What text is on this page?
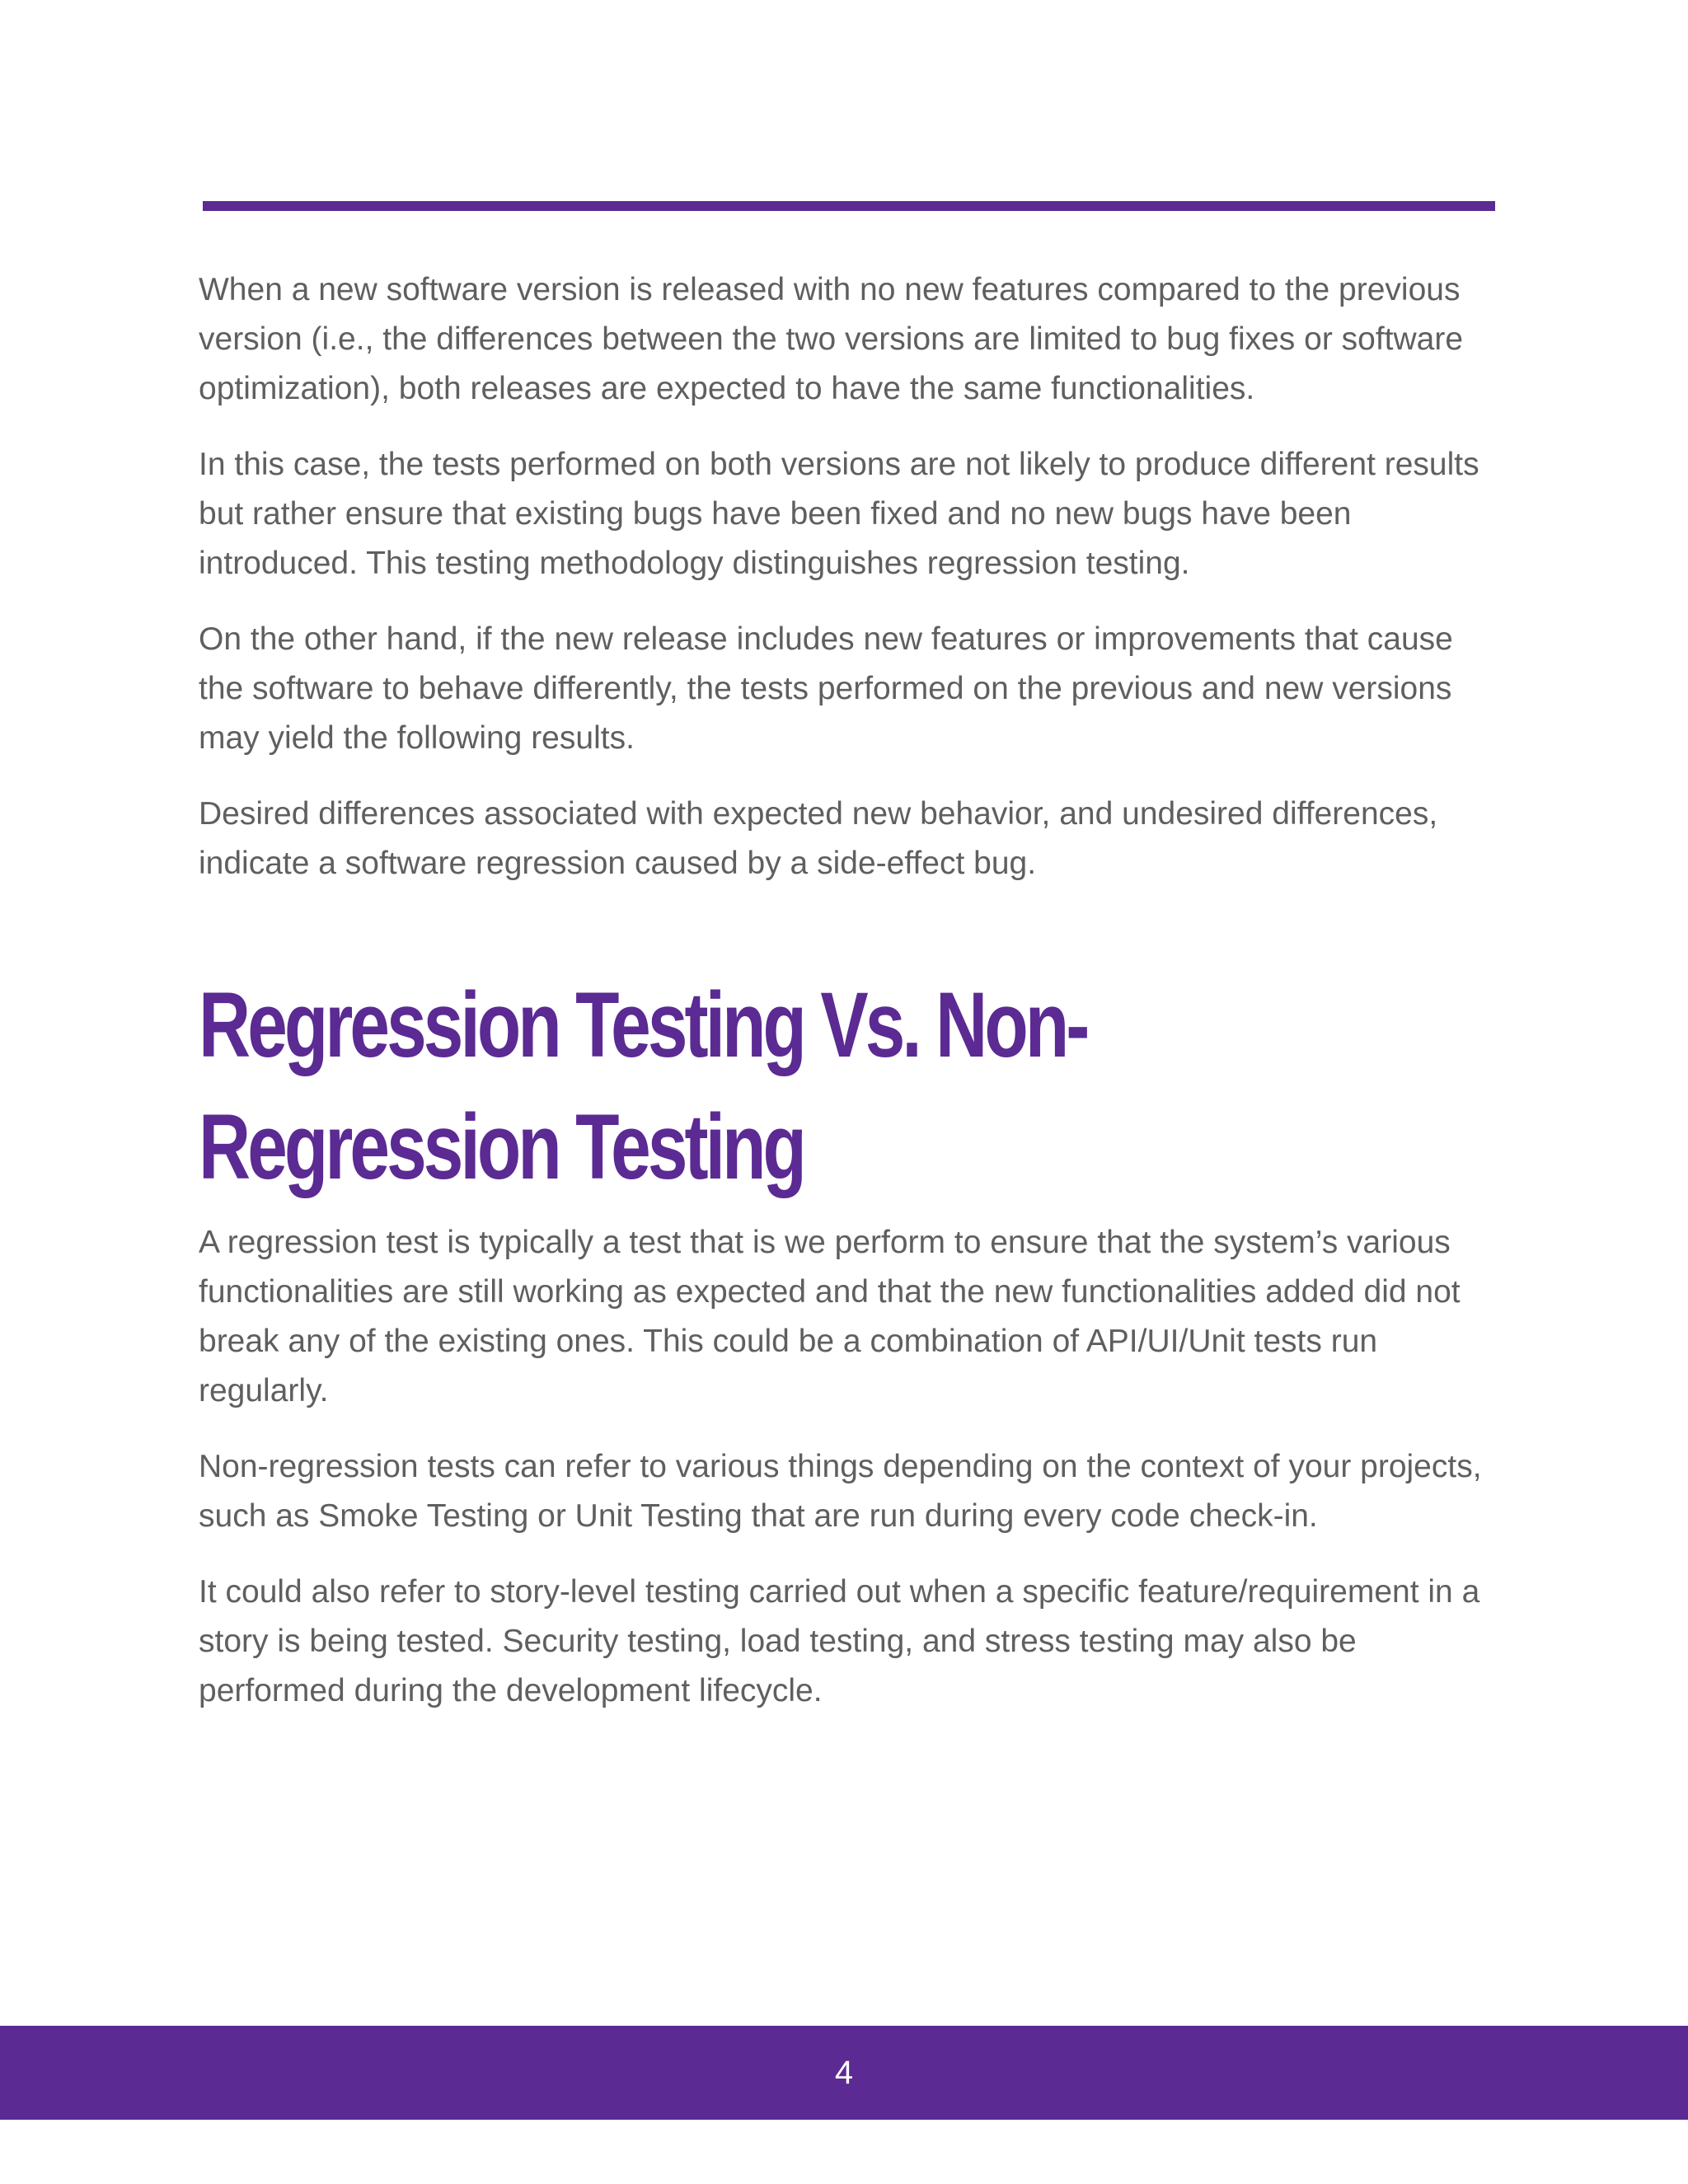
When a new software version is released with no new features compared to the previous version (i.e., the differences between the two versions are limited to bug fixes or software optimization), both releases are expected to have the same functionalities.

In this case, the tests performed on both versions are not likely to produce different results but rather ensure that existing bugs have been fixed and no new bugs have been introduced. This testing methodology distinguishes regression testing.

On the other hand, if the new release includes new features or improvements that cause the software to behave differently, the tests performed on the previous and new versions may yield the following results.

Desired differences associated with expected new behavior, and undesired differences, indicate a software regression caused by a side-effect bug.

Regression Testing Vs. Non-Regression Testing

A regression test is typically a test that is we perform to ensure that the system’s various functionalities are still working as expected and that the new functionalities added did not break any of the existing ones. This could be a combination of API/UI/Unit tests run regularly.

Non-regression tests can refer to various things depending on the context of your projects, such as Smoke Testing or Unit Testing that are run during every code check-in.

It could also refer to story-level testing carried out when a specific feature/requirement in a story is being tested. Security testing, load testing, and stress testing may also be performed during the development lifecycle.

4
